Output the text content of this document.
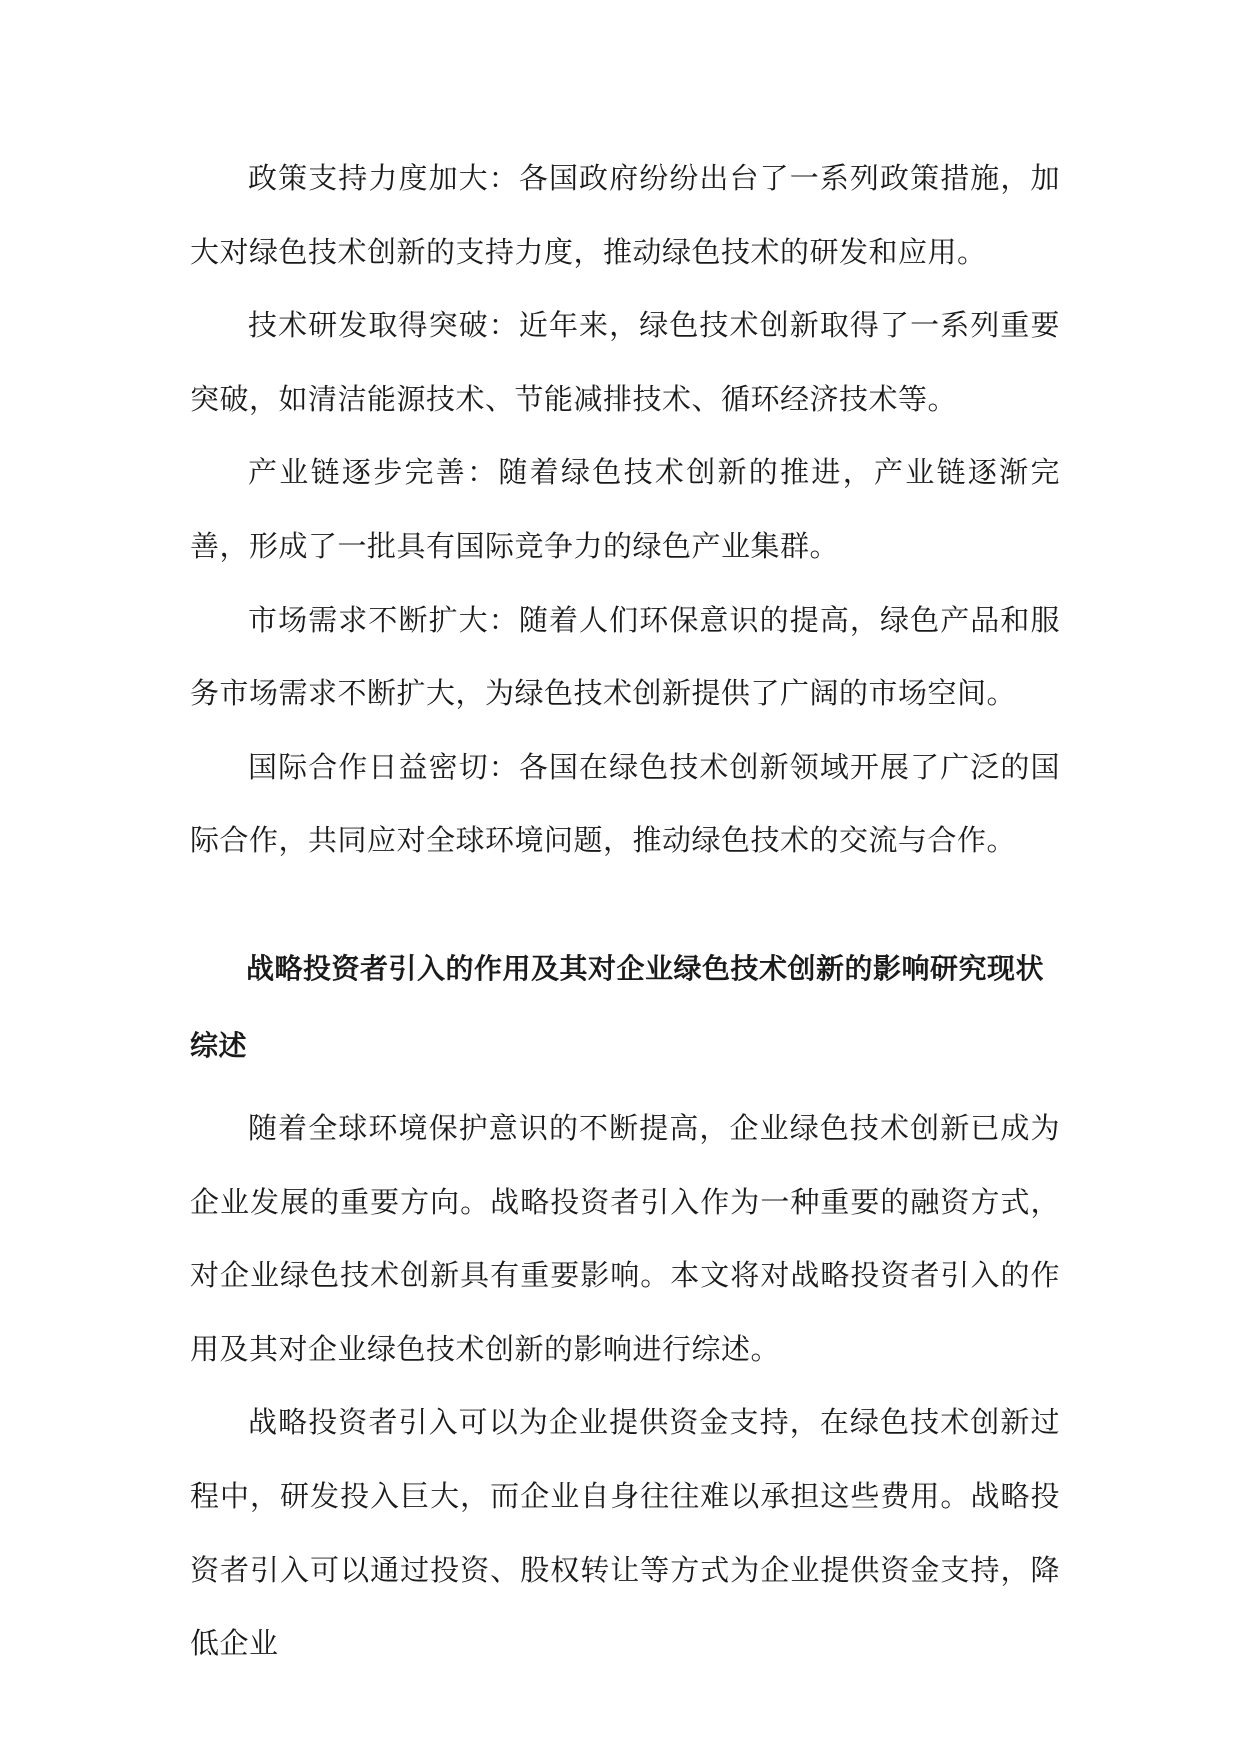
政策支持力度加大：各国政府纷纷出台了一系列政策措施，加大对绿色技术创新的支持力度，推动绿色技术的研发和应用。

技术研发取得突破：近年来，绿色技术创新取得了一系列重要突破，如清洁能源技术、节能减排技术、循环经济技术等。

产业链逐步完善：随着绿色技术创新的推进，产业链逐渐完善，形成了一批具有国际竞争力的绿色产业集群。

市场需求不断扩大：随着人们环保意识的提高，绿色产品和服务市场需求不断扩大，为绿色技术创新提供了广阔的市场空间。

国际合作日益密切：各国在绿色技术创新领域开展了广泛的国际合作，共同应对全球环境问题，推动绿色技术的交流与合作。

战略投资者引入的作用及其对企业绿色技术创新的影响研究现状综述

随着全球环境保护意识的不断提高，企业绿色技术创新已成为企业发展的重要方向。战略投资者引入作为一种重要的融资方式，对企业绿色技术创新具有重要影响。本文将对战略投资者引入的作用及其对企业绿色技术创新的影响进行综述。

战略投资者引入可以为企业提供资金支持，在绿色技术创新过程中，研发投入巨大，而企业自身往往难以承担这些费用。战略投资者引入可以通过投资、股权转让等方式为企业提供资金支持，降低企业
